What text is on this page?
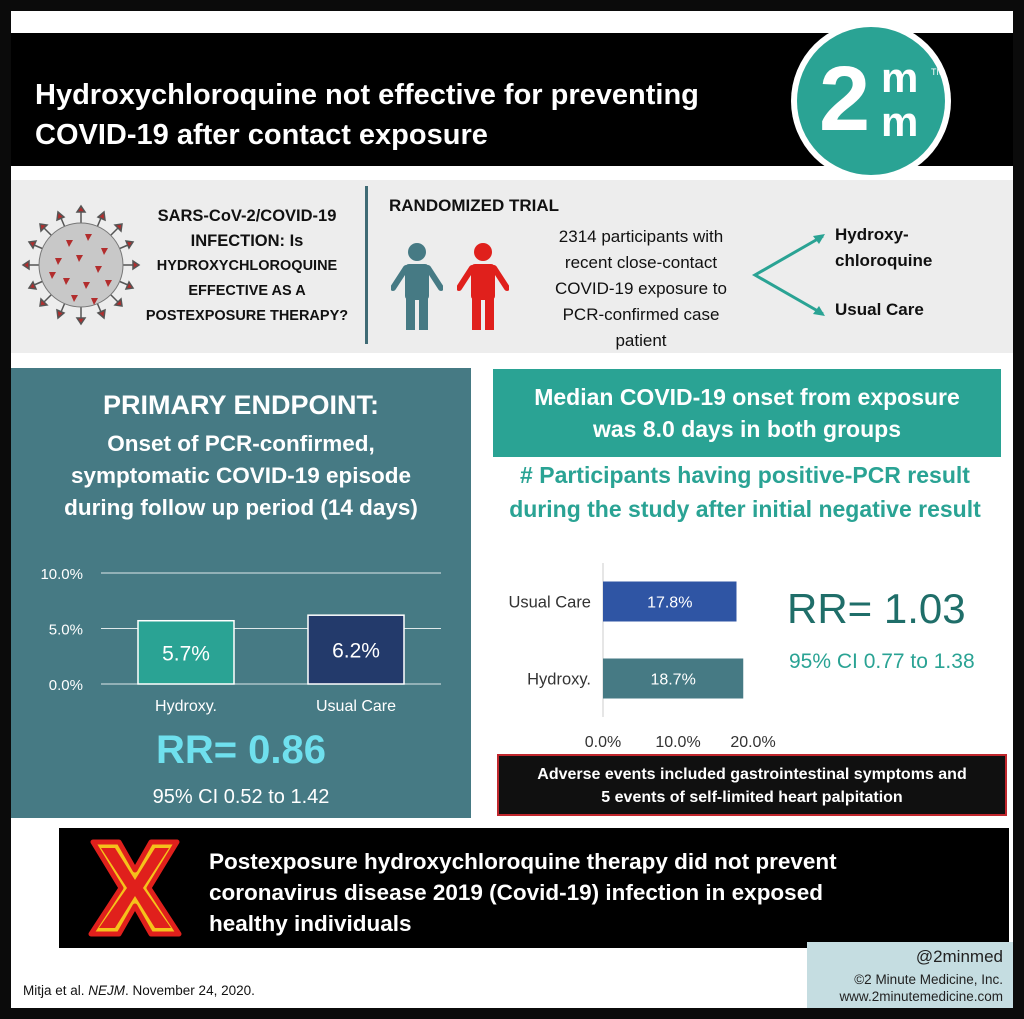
Hydroxychloroquine not effective for preventing
COVID-19 after contact exposure	2 m
m
TM
SARS-CoV-2/COVID-19
INFECTION: Is
HYDROXYCHLOROQUINE
EFFECTIVE AS A
POSTEXPOSURE THERAPY?
RANDOMIZED TRIAL
2314 participants with
recent close-contact
COVID-19 exposure to
PCR-confirmed case
patient
Hydroxy-
chloroquine
Usual Care
PRIMARY ENDPOINT:
Onset of PCR-confirmed,
symptomatic COVID-19 episode
during follow up period (14 days)
0.0%
5.0%
10.0%
5.7%
Hydroxy.
6.2%
Usual Care
RR= 0.86
95% CI 0.52 to 1.42
Median COVID-19 onset from exposure
was 8.0 days in both groups
# Participants having positive-PCR result
during the study after initial negative result
17.8%
Usual Care
18.7%
Hydroxy.
0.0% 10.0% 20.0%
RR= 1.03
95% CI 0.77 to 1.38
Adverse events included gastrointestinal symptoms and
5 events of self-limited heart palpitation
Postexposure hydroxychloroquine therapy did not prevent
coronavirus disease 2019 (Covid-19) infection in exposed
healthy individuals
Mitja et al. NEJM. November 24, 2020.
@2minmed
©2 Minute Medicine, Inc.
www.2minutemedicine.com
